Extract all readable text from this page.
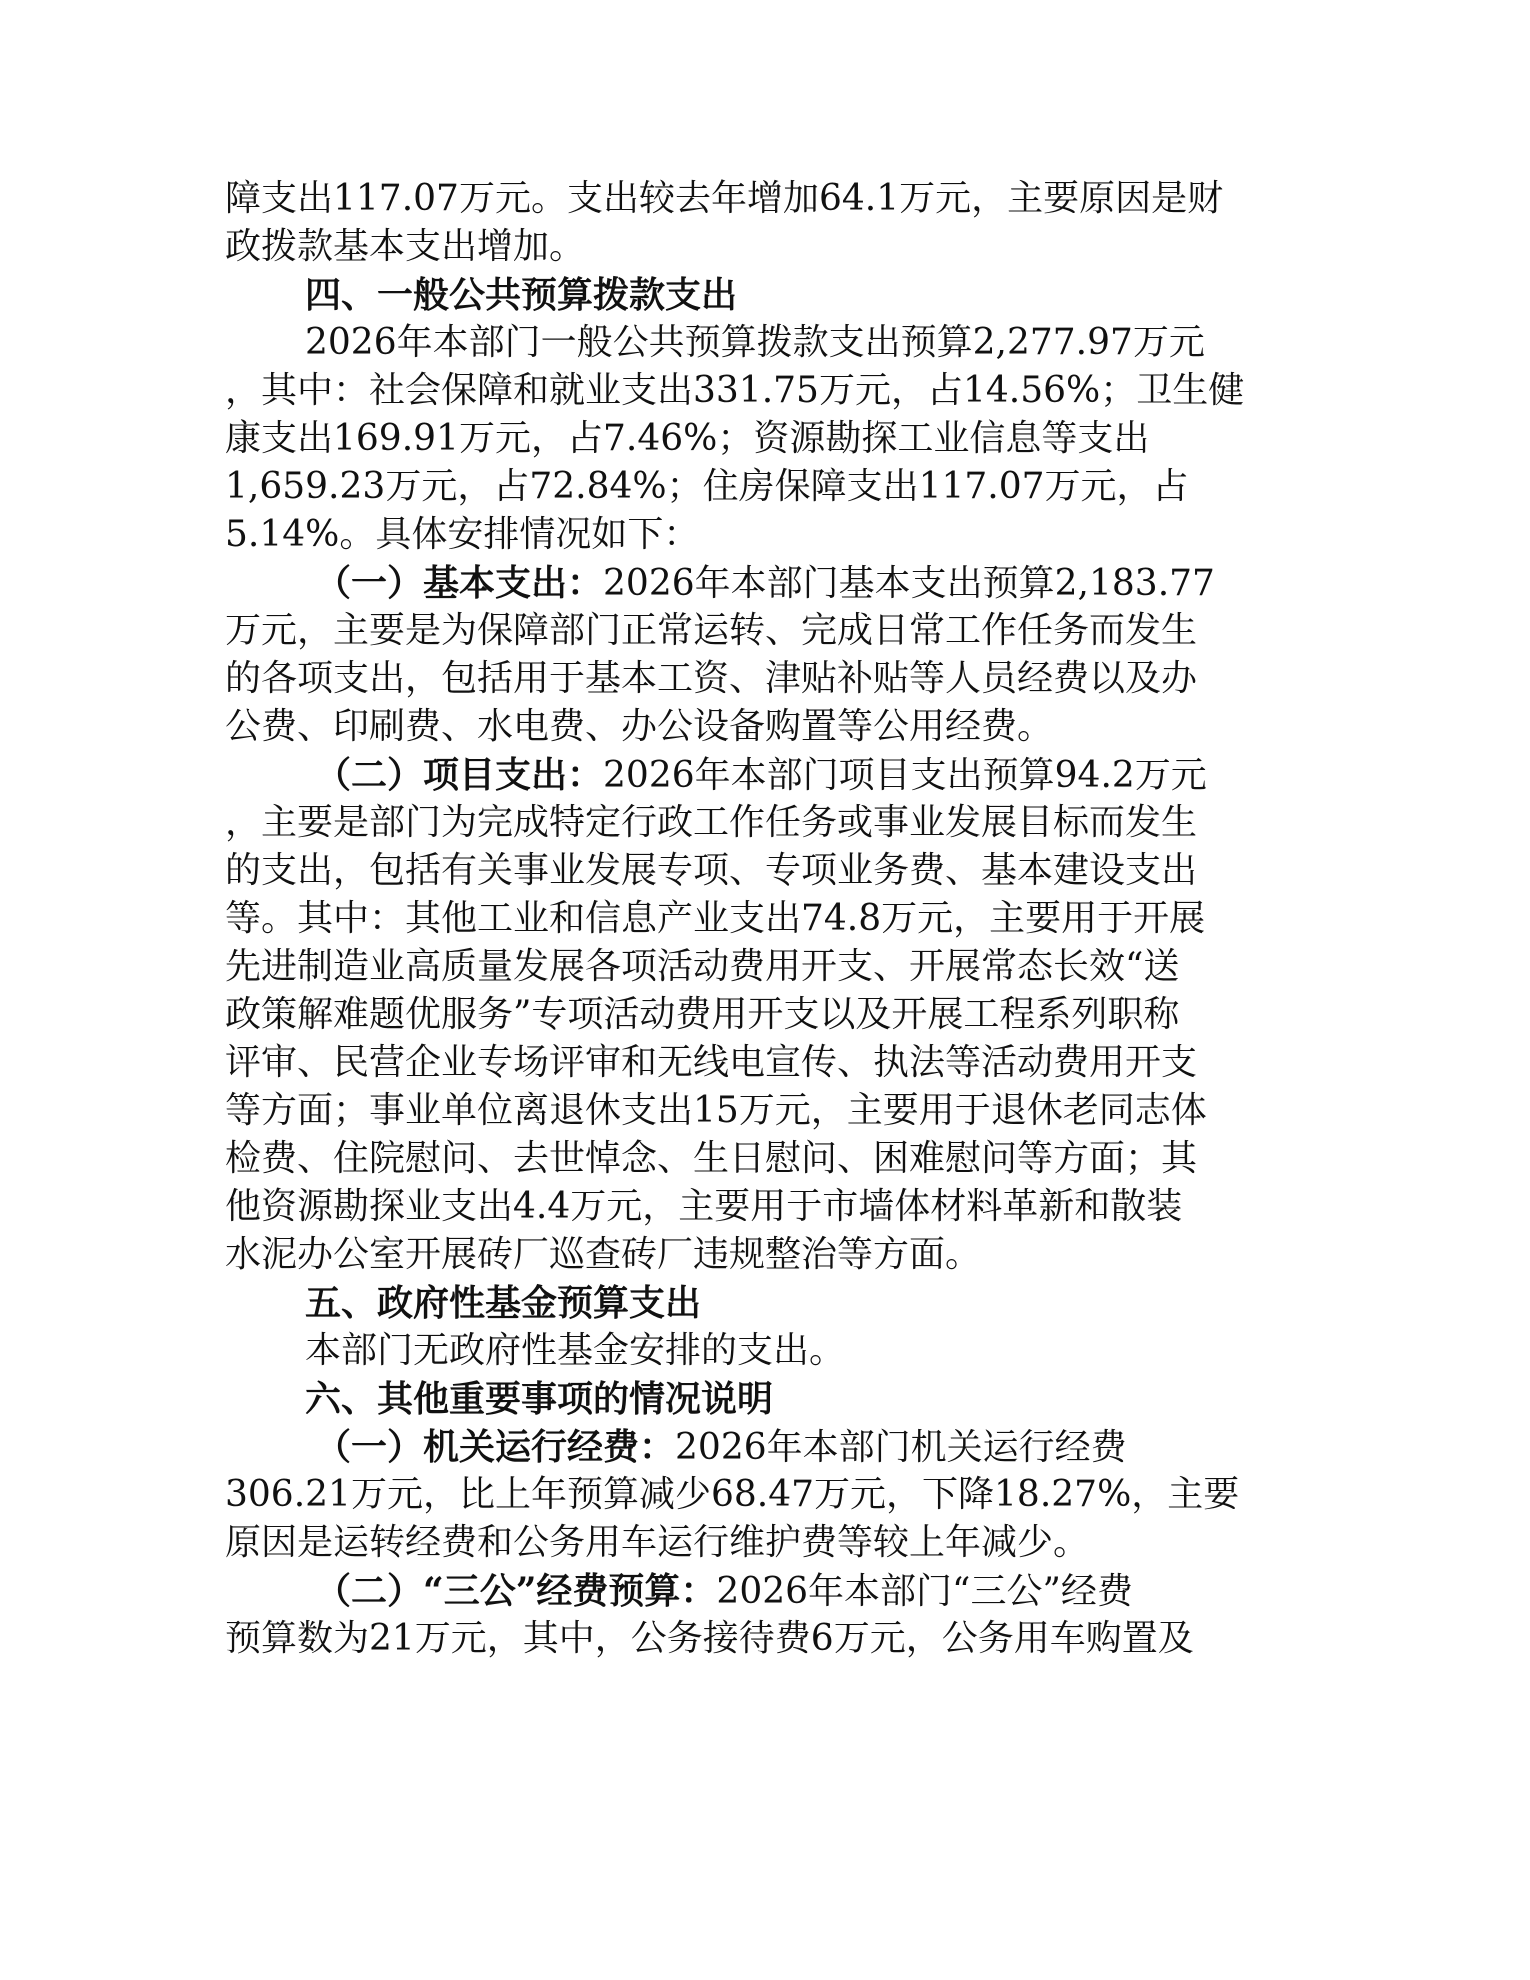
障支出117.07万元。支出较去年增加64.1万元，主要原因是财
政拨款基本支出增加。
四、一般公共预算拨款支出
2026年本部门一般公共预算拨款支出预算2,277.97万元
，其中：社会保障和就业支出331.75万元，占14.56%；卫生健
康支出169.91万元，占7.46%；资源勘探工业信息等支出
1,659.23万元，占72.84%；住房保障支出117.07万元，占
5.14%。具体安排情况如下：
（一）基本支出：2026年本部门基本支出预算2,183.77
万元，主要是为保障部门正常运转、完成日常工作任务而发生
的各项支出，包括用于基本工资、津贴补贴等人员经费以及办
公费、印刷费、水电费、办公设备购置等公用经费。
（二）项目支出：2026年本部门项目支出预算94.2万元
，主要是部门为完成特定行政工作任务或事业发展目标而发生
的支出，包括有关事业发展专项、专项业务费、基本建设支出
等。其中：其他工业和信息产业支出74.8万元，主要用于开展
先进制造业高质量发展各项活动费用开支、开展常态长效“送
政策解难题优服务”专项活动费用开支以及开展工程系列职称
评审、民营企业专场评审和无线电宣传、执法等活动费用开支
等方面；事业单位离退休支出15万元，主要用于退休老同志体
检费、住院慰问、去世悼念、生日慰问、困难慰问等方面；其
他资源勘探业支出4.4万元，主要用于市墙体材料革新和散装
水泥办公室开展砖厂巡查砖厂违规整治等方面。
五、政府性基金预算支出
本部门无政府性基金安排的支出。
六、其他重要事项的情况说明
（一）机关运行经费：2026年本部门机关运行经费
306.21万元，比上年预算减少68.47万元，下降18.27%，主要
原因是运转经费和公务用车运行维护费等较上年减少。
（二）“三公”经费预算：2026年本部门“三公”经费
预算数为21万元，其中，公务接待费6万元，公务用车购置及
